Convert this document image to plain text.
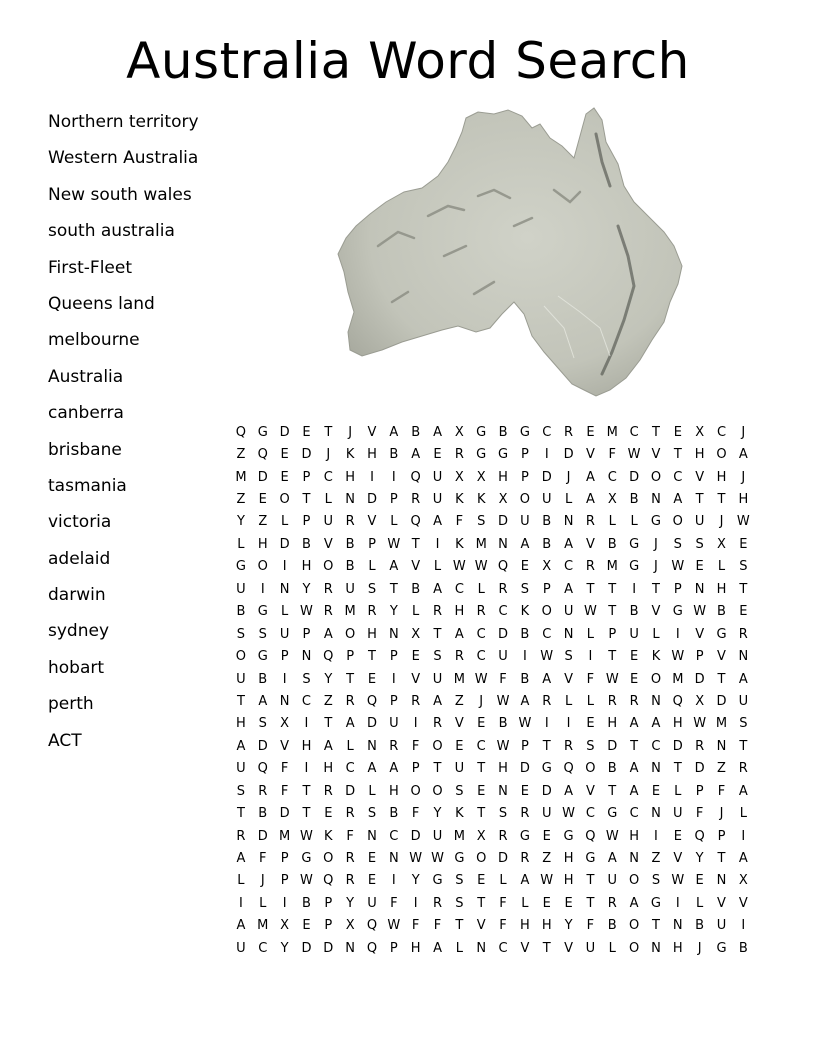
Australia Word Search
Northern territory
Western Australia
New south wales
south australia
First-Fleet
Queens land
melbourne
Australia
canberra
brisbane
tasmania
victoria
adelaid
darwin
sydney
hobart
perth
ACT
Q	G	D	E	T	J	V	A	B	A	X	G	B	G	C	R	E	M	C	T	E	X	C	J
Z	Q	E	D	J	K	H	B	A	E	R	G	G	P	I	D	V	F	W	V	T	H	O	A
M	D	E	P	C	H	I	I	Q	U	X	X	H	P	D	J	A	C	D	O	C	V	H	J
Z	E	O	T	L	N	D	P	R	U	K	K	X	O	U	L	A	X	B	N	A	T	T	H
Y	Z	L	P	U	R	V	L	Q	A	F	S	D	U	B	N	R	L	L	G	O	U	J	W
L	H	D	B	V	B	P	W	T	I	K	M	N	A	B	A	V	B	G	J	S	S	X	E
G	O	I	H	O	B	L	A	V	L	W	W	Q	E	X	C	R	M	G	J	W	E	L	S
U	I	N	Y	R	U	S	T	B	A	C	L	R	S	P	A	T	T	I	T	P	N	H	T
B	G	L	W	R	M	R	Y	L	R	H	R	C	K	O	U	W	T	B	V	G	W	B	E
S	S	U	P	A	O	H	N	X	T	A	C	D	B	C	N	L	P	U	L	I	V	G	R
O	G	P	N	Q	P	T	P	E	S	R	C	U	I	W	S	I	T	E	K	W	P	V	N
U	B	I	S	Y	T	E	I	V	U	M	W	F	B	A	V	F	W	E	O	M	D	T	A
T	A	N	C	Z	R	Q	P	R	A	Z	J	W	A	R	L	L	R	R	N	Q	X	D	U
H	S	X	I	T	A	D	U	I	R	V	E	B	W	I	I	E	H	A	A	H	W	M	S
A	D	V	H	A	L	N	R	F	O	E	C	W	P	T	R	S	D	T	C	D	R	N	T
U	Q	F	I	H	C	A	A	P	T	U	T	H	D	G	Q	O	B	A	N	T	D	Z	R
S	R	F	T	R	D	L	H	O	O	S	E	N	E	D	A	V	T	A	E	L	P	F	A
T	B	D	T	E	R	S	B	F	Y	K	T	S	R	U	W	C	G	C	N	U	F	J	L
R	D	M	W	K	F	N	C	D	U	M	X	R	G	E	G	Q	W	H	I	E	Q	P	I
A	F	P	G	O	R	E	N	W	W	G	O	D	R	Z	H	G	A	N	Z	V	Y	T	A
L	J	P	W	Q	R	E	I	Y	G	S	E	L	A	W	H	T	U	O	S	W	E	N	X
I	L	I	B	P	Y	U	F	I	R	S	T	F	L	E	E	T	R	A	G	I	L	V	V
A	M	X	E	P	X	Q	W	F	F	T	V	F	H	H	Y	F	B	O	T	N	B	U	I
U	C	Y	D	D	N	Q	P	H	A	L	N	C	V	T	V	U	L	O	N	H	J	G	B
